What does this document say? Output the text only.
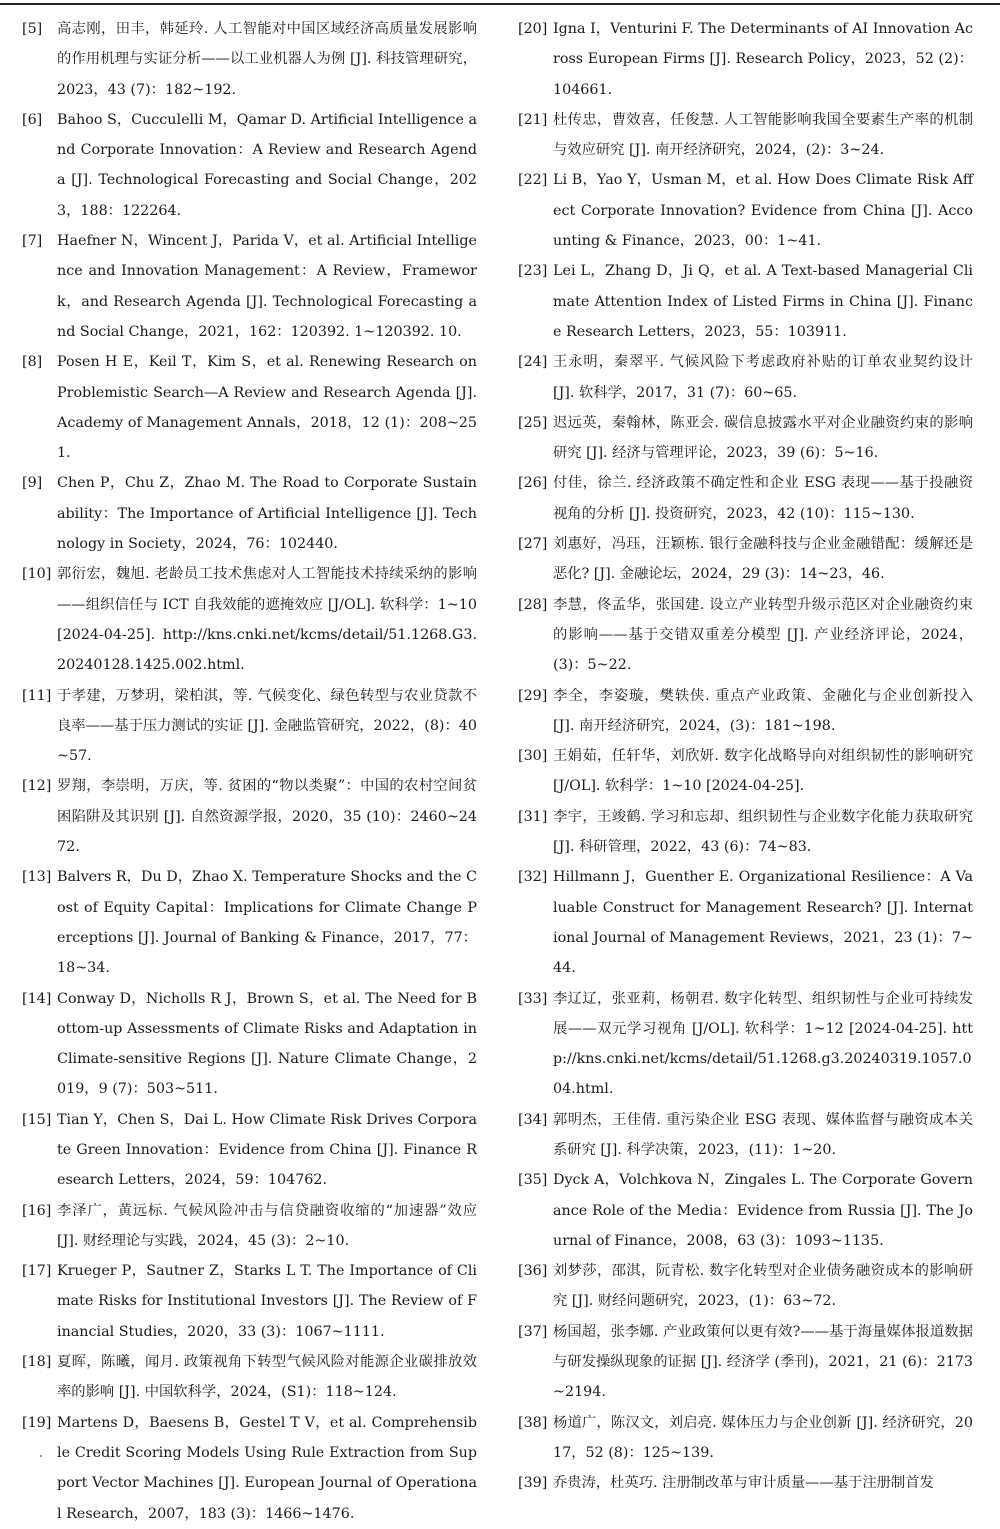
[5] 高志刚，田丰，韩延玲. 人工智能对中国区域经济高质量发展影响的作用机理与实证分析——以工业机器人为例 [J]. 科技管理研究，2023，43 (7)：182~192.
[6] Bahoo S，Cucculelli M，Qamar D. Artificial Intelligence and Corporate Innovation：A Review and Research Agenda [J]. Technological Forecasting and Social Change，2023，188：122264.
[7] Haefner N，Wincent J，Parida V，et al. Artificial Intelligence and Innovation Management：A Review，Framework，and Research Agenda [J]. Technological Forecasting and Social Change，2021，162：120392. 1~120392. 10.
[8] Posen H E，Keil T，Kim S，et al. Renewing Research on Problemistic Search—A Review and Research Agenda [J]. Academy of Management Annals，2018，12 (1)：208~251.
[9] Chen P，Chu Z，Zhao M. The Road to Corporate Sustainability：The Importance of Artificial Intelligence [J]. Technology in Society，2024，76：102440.
[10] 郭衍宏，魏旭. 老龄员工技术焦虑对人工智能技术持续采纳的影响——组织信任与 ICT 自我效能的遮掩效应 [J/OL]. 软科学：1~10 [2024-04-25]. http://kns.cnki.net/kcms/detail/51.1268.G3.20240128.1425.002.html.
[11] 于孝建，万梦玥，梁柏淇，等. 气候变化、绿色转型与农业贷款不良率——基于压力测试的实证 [J]. 金融监管研究，2022，(8)：40~57.
[12] 罗翔，李崇明，万庆，等. 贫困的“物以类聚”：中国的农村空间贫困陷阱及其识别 [J]. 自然资源学报，2020，35 (10)：2460~2472.
[13] Balvers R，Du D，Zhao X. Temperature Shocks and the Cost of Equity Capital：Implications for Climate Change Perceptions [J]. Journal of Banking & Finance，2017，77：18~34.
[14] Conway D，Nicholls R J，Brown S，et al. The Need for Bottom-up Assessments of Climate Risks and Adaptation in Climate-sensitive Regions [J]. Nature Climate Change，2019，9 (7)：503~511.
[15] Tian Y，Chen S，Dai L. How Climate Risk Drives Corporate Green Innovation：Evidence from China [J]. Finance Research Letters，2024，59：104762.
[16] 李泽广，黄远标. 气候风险冲击与信贷融资收缩的“加速器”效应 [J]. 财经理论与实践，2024，45 (3)：2~10.
[17] Krueger P，Sautner Z，Starks L T. The Importance of Climate Risks for Institutional Investors [J]. The Review of Financial Studies，2020，33 (3)：1067~1111.
[18] 夏晖，陈曦，闻月. 政策视角下转型气候风险对能源企业碳排放效率的影响 [J]. 中国软科学，2024，(S1)：118~124.
[19] Martens D，Baesens B，Gestel T V，et al. Comprehensible Credit Scoring Models Using Rule Extraction from Support Vector Machines [J]. European Journal of Operational Research，2007，183 (3)：1466~1476.
[20] Igna I，Venturini F. The Determinants of AI Innovation Across European Firms [J]. Research Policy，2023，52 (2)：104661.
[21] 杜传忠，曹效喜，任俊慧. 人工智能影响我国全要素生产率的机制与效应研究 [J]. 南开经济研究，2024，(2)：3~24.
[22] Li B，Yao Y，Usman M，et al. How Does Climate Risk Affect Corporate Innovation? Evidence from China [J]. Accounting & Finance，2023，00：1~41.
[23] Lei L，Zhang D，Ji Q，et al. A Text-based Managerial Climate Attention Index of Listed Firms in China [J]. Finance Research Letters，2023，55：103911.
[24] 王永明，秦翠平. 气候风险下考虑政府补贴的订单农业契约设计 [J]. 软科学，2017，31 (7)：60~65.
[25] 迟远英，秦翰林，陈亚会. 碳信息披露水平对企业融资约束的影响研究 [J]. 经济与管理评论，2023，39 (6)：5~16.
[26] 付佳，徐兰. 经济政策不确定性和企业 ESG 表现——基于投融资视角的分析 [J]. 投资研究，2023，42 (10)：115~130.
[27] 刘惠好，冯珏，汪颖栋. 银行金融科技与企业金融错配：缓解还是恶化? [J]. 金融论坛，2024，29 (3)：14~23，46.
[28] 李慧，佟孟华，张国建. 设立产业转型升级示范区对企业融资约束的影响——基于交错双重差分模型 [J]. 产业经济评论，2024，(3)：5~22.
[29] 李全，李姿璇，樊轶侠. 重点产业政策、金融化与企业创新投入 [J]. 南开经济研究，2024，(3)：181~198.
[30] 王娟茹，任轩华，刘欣妍. 数字化战略导向对组织韧性的影响研究 [J/OL]. 软科学：1~10 [2024-04-25].
[31] 李宇，王竣鹤. 学习和忘却、组织韧性与企业数字化能力获取研究 [J]. 科研管理，2022，43 (6)：74~83.
[32] Hillmann J，Guenther E. Organizational Resilience：A Valuable Construct for Management Research? [J]. International Journal of Management Reviews，2021，23 (1)：7~44.
[33] 李辽辽，张亚莉，杨朝君. 数字化转型、组织韧性与企业可持续发展——双元学习视角 [J/OL]. 软科学：1~12 [2024-04-25]. http://kns.cnki.net/kcms/detail/51.1268.g3.20240319.1057.004.html.
[34] 郭明杰，王佳倩. 重污染企业 ESG 表现、媒体监督与融资成本关系研究 [J]. 科学决策，2023，(11)：1~20.
[35] Dyck A，Volchkova N，Zingales L. The Corporate Governance Role of the Media：Evidence from Russia [J]. The Journal of Finance，2008，63 (3)：1093~1135.
[36] 刘梦莎，邵淇，阮青松. 数字化转型对企业债务融资成本的影响研究 [J]. 财经问题研究，2023，(1)：63~72.
[37] 杨国超，张李娜. 产业政策何以更有效?——基于海量媒体报道数据与研发操纵现象的证据 [J]. 经济学 (季刊)，2021，21 (6)：2173~2194.
[38] 杨道广，陈汉文，刘启亮. 媒体压力与企业创新 [J]. 经济研究，2017，52 (8)：125~139.
[39] 乔贵涛，杜英巧. 注册制改革与审计质量——基于注册制首发
